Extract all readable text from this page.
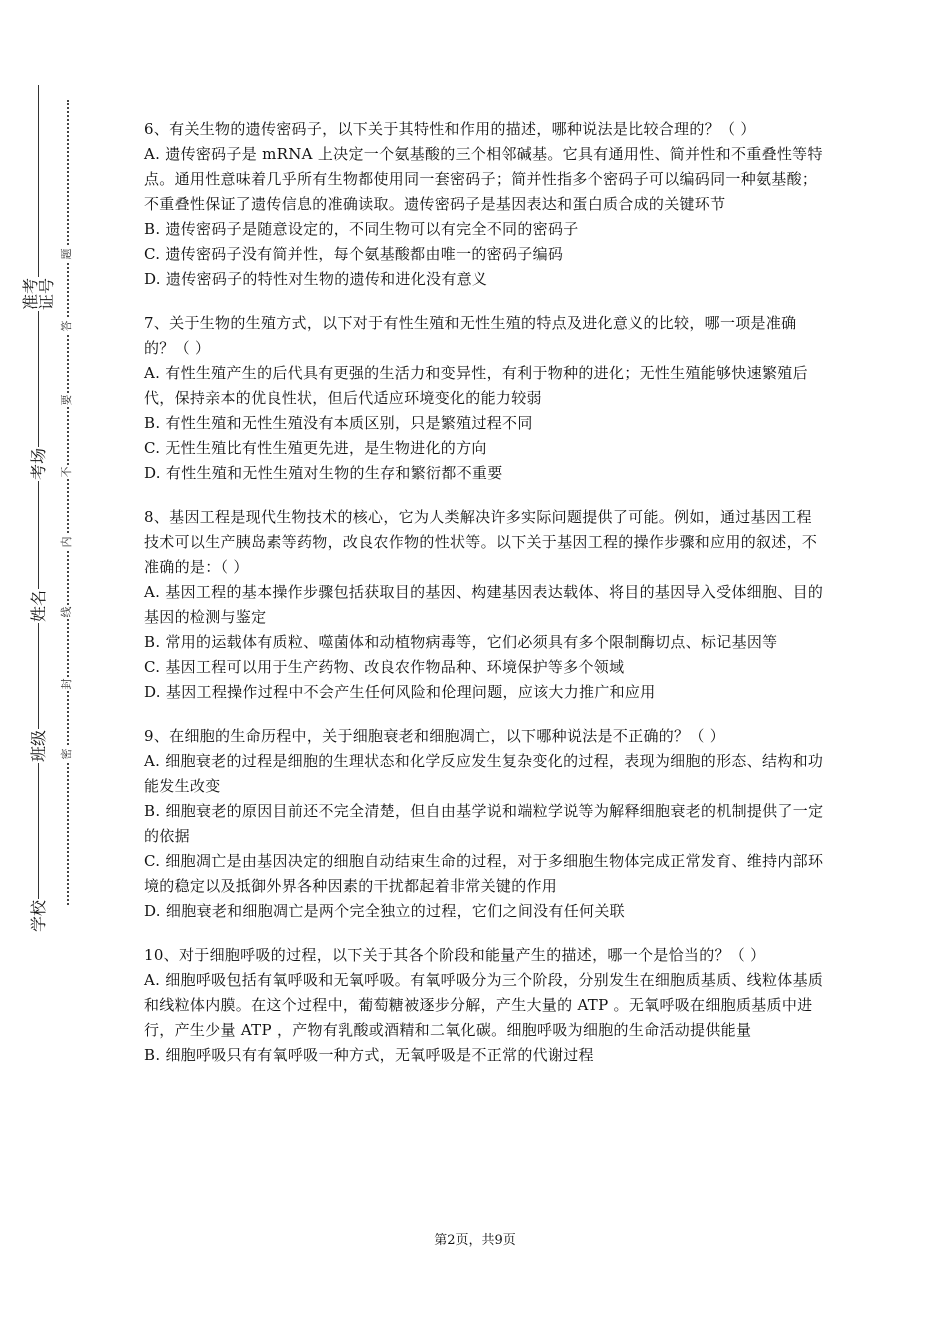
准考证号
考场
姓名
班级
学校
题
答
要
不
内
线
封
密

6、有关生物的遗传密码子，以下关于其特性和作用的描述，哪种说法是比较合理的？（ ）

A. 遗传密码子是 mRNA 上决定一个氨基酸的三个相邻碱基。它具有通用性、简并性和不重叠性等特点。通用性意味着几乎所有生物都使用同一套密码子；简并性指多个密码子可以编码同一种氨基酸；不重叠性保证了遗传信息的准确读取。遗传密码子是基因表达和蛋白质合成的关键环节

B. 遗传密码子是随意设定的，不同生物可以有完全不同的密码子

C. 遗传密码子没有简并性，每个氨基酸都由唯一的密码子编码

D. 遗传密码子的特性对生物的遗传和进化没有意义

7、关于生物的生殖方式，以下对于有性生殖和无性生殖的特点及进化意义的比较，哪一项是准确的？（ ）

A. 有性生殖产生的后代具有更强的生活力和变异性，有利于物种的进化；无性生殖能够快速繁殖后代，保持亲本的优良性状，但后代适应环境变化的能力较弱

B. 有性生殖和无性生殖没有本质区别，只是繁殖过程不同

C. 无性生殖比有性生殖更先进，是生物进化的方向

D. 有性生殖和无性生殖对生物的生存和繁衍都不重要

8、基因工程是现代生物技术的核心，它为人类解决许多实际问题提供了可能。例如，通过基因工程技术可以生产胰岛素等药物，改良农作物的性状等。以下关于基因工程的操作步骤和应用的叙述，不准确的是：（ ）

A. 基因工程的基本操作步骤包括获取目的基因、构建基因表达载体、将目的基因导入受体细胞、目的基因的检测与鉴定

B. 常用的运载体有质粒、噬菌体和动植物病毒等，它们必须具有多个限制酶切点、标记基因等

C. 基因工程可以用于生产药物、改良农作物品种、环境保护等多个领域

D. 基因工程操作过程中不会产生任何风险和伦理问题，应该大力推广和应用

9、在细胞的生命历程中，关于细胞衰老和细胞凋亡，以下哪种说法是不正确的？（ ）

A. 细胞衰老的过程是细胞的生理状态和化学反应发生复杂变化的过程，表现为细胞的形态、结构和功能发生改变

B. 细胞衰老的原因目前还不完全清楚，但自由基学说和端粒学说等为解释细胞衰老的机制提供了一定的依据

C. 细胞凋亡是由基因决定的细胞自动结束生命的过程，对于多细胞生物体完成正常发育、维持内部环境的稳定以及抵御外界各种因素的干扰都起着非常关键的作用

D. 细胞衰老和细胞凋亡是两个完全独立的过程，它们之间没有任何关联

10、对于细胞呼吸的过程，以下关于其各个阶段和能量产生的描述，哪一个是恰当的？（ ）

A. 细胞呼吸包括有氧呼吸和无氧呼吸。有氧呼吸分为三个阶段，分别发生在细胞质基质、线粒体基质和线粒体内膜。在这个过程中，葡萄糖被逐步分解，产生大量的 ATP 。无氧呼吸在细胞质基质中进行，产生少量 ATP ，产物有乳酸或酒精和二氧化碳。细胞呼吸为细胞的生命活动提供能量

B. 细胞呼吸只有有氧呼吸一种方式，无氧呼吸是不正常的代谢过程

第2页，共9页
